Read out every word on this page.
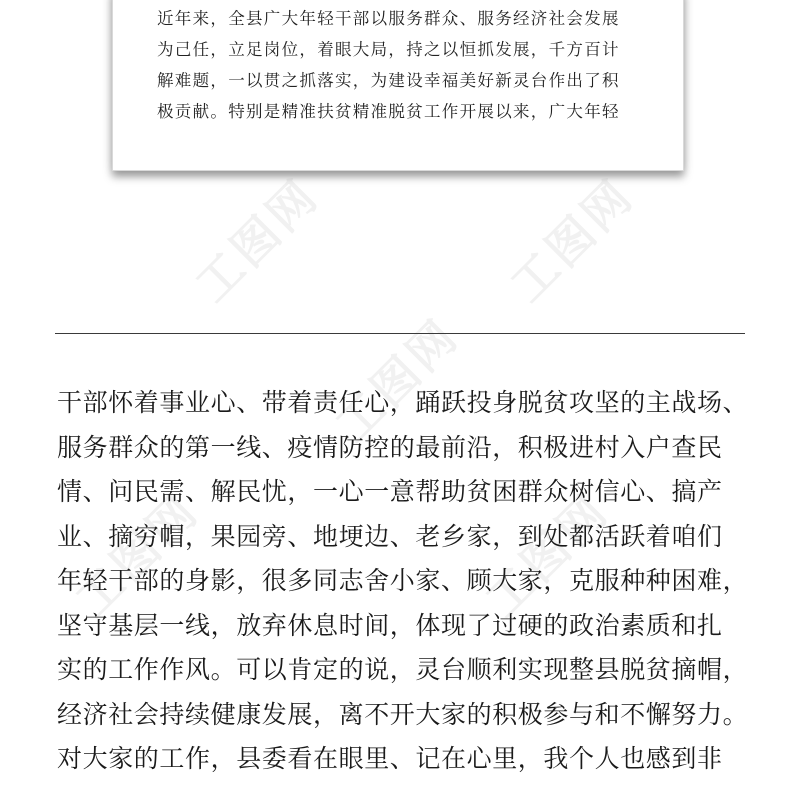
近年来，全县广大年轻干部以服务群众、服务经济社会发展
为己任，立足岗位，着眼大局，持之以恒抓发展，千方百计
解难题，一以贯之抓落实，为建设幸福美好新灵台作出了积
极贡献。特别是精准扶贫精准脱贫工作开展以来，广大年轻
工图网	工图网
工图网
工图网	工图网
干部怀着事业心、带着责任心，踊跃投身脱贫攻坚的主战场、
服务群众的第一线、疫情防控的最前沿，积极进村入户查民
情、问民需、解民忧，一心一意帮助贫困群众树信心、搞产
业、摘穷帽，果园旁、地埂边、老乡家，到处都活跃着咱们
年轻干部的身影，很多同志舍小家、顾大家，克服种种困难，
坚守基层一线，放弃休息时间，体现了过硬的政治素质和扎
实的工作作风。可以肯定的说，灵台顺利实现整县脱贫摘帽，
经济社会持续健康发展，离不开大家的积极参与和不懈努力。
对大家的工作，县委看在眼里、记在心里，我个人也感到非
